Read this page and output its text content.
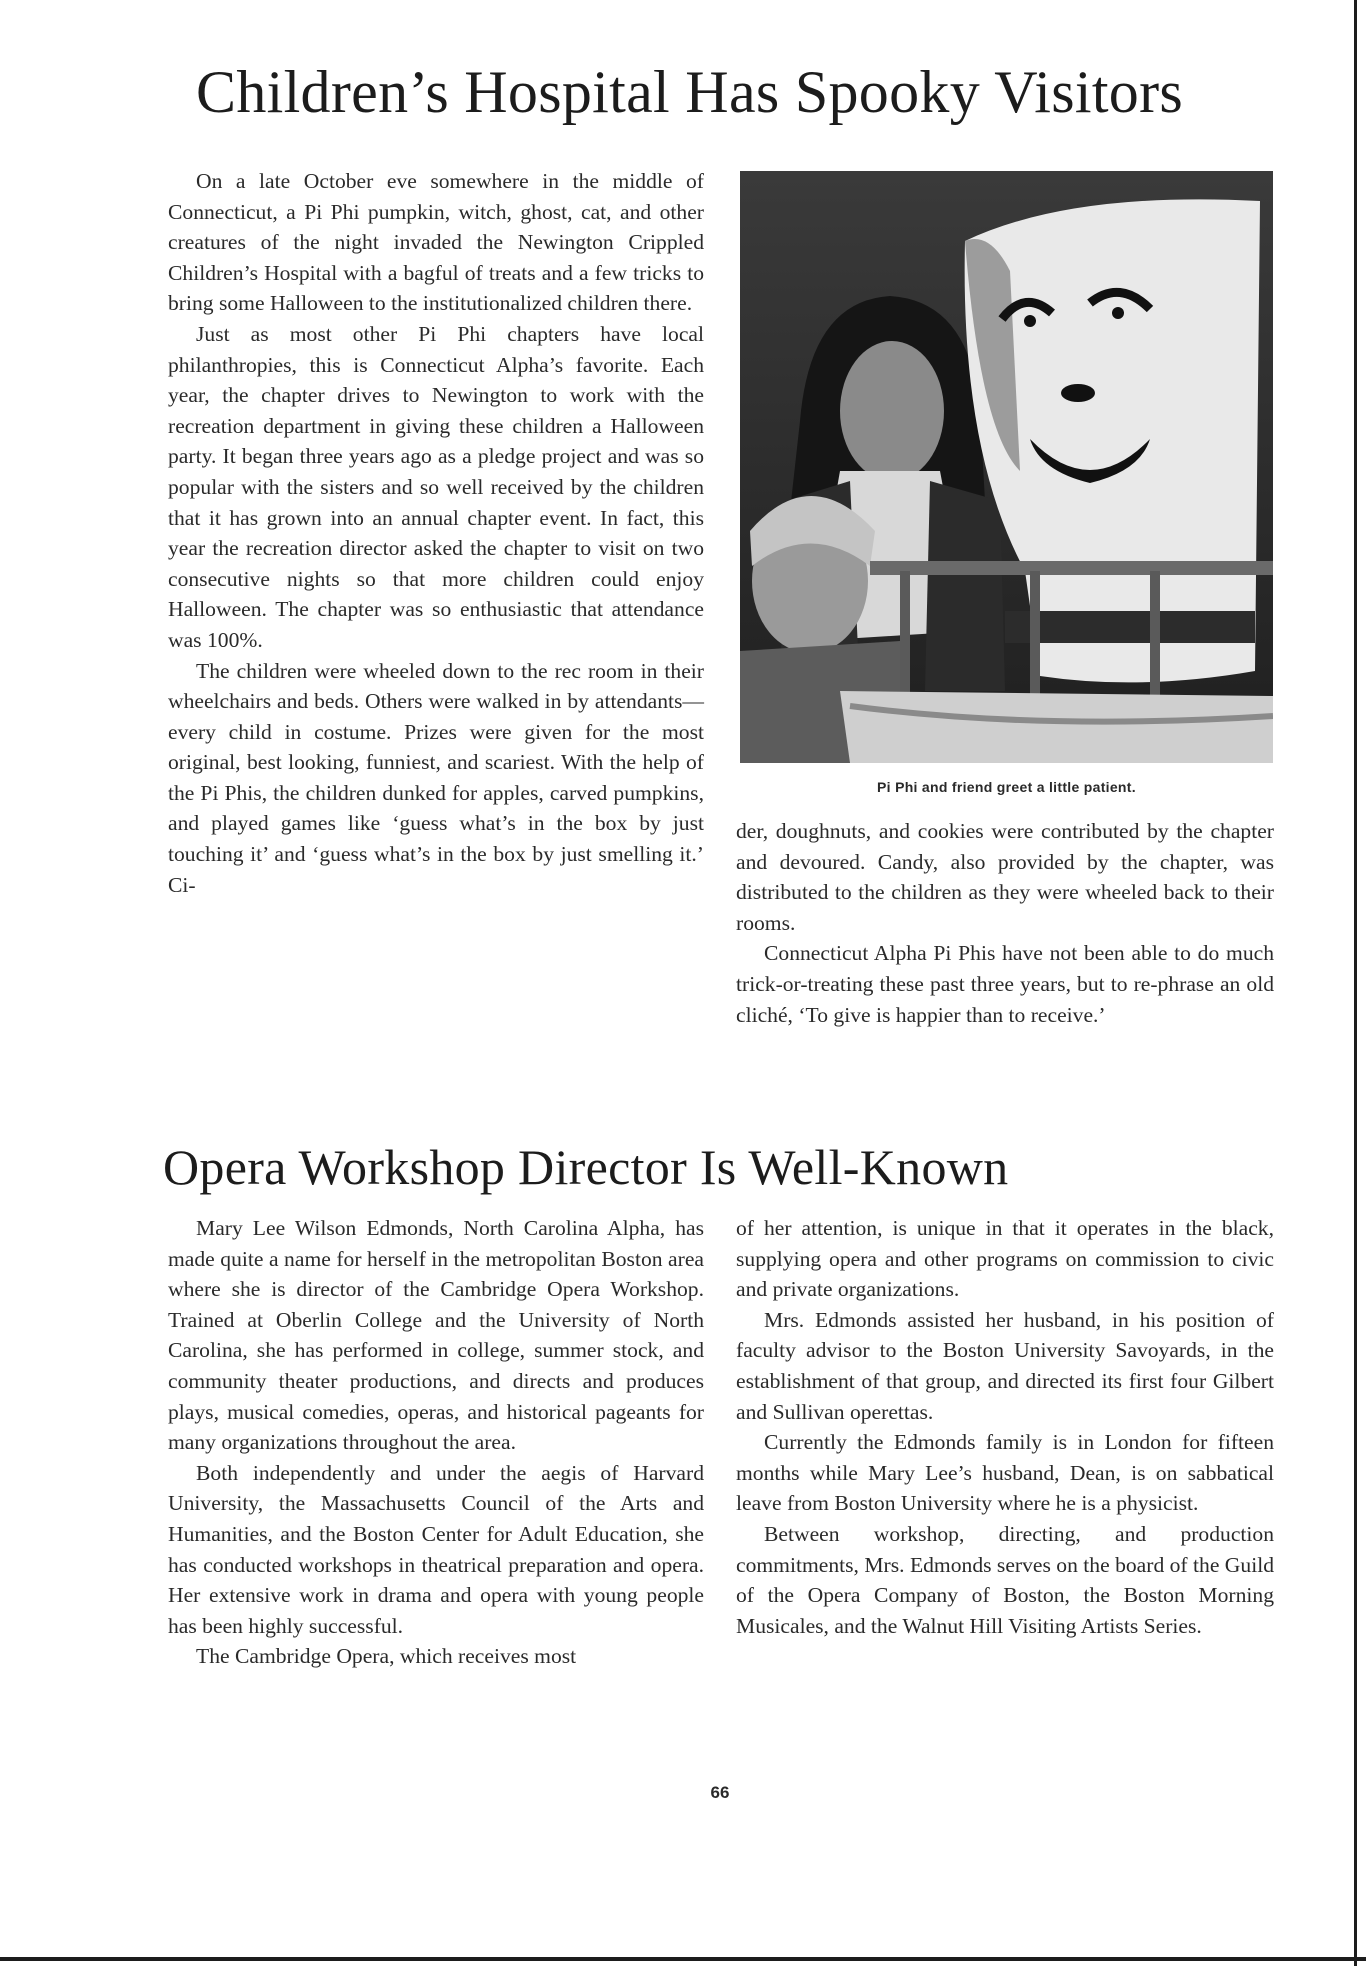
Children’s Hospital Has Spooky Visitors

On a late October eve somewhere in the middle of Connecticut, a Pi Phi pumpkin, witch, ghost, cat, and other creatures of the night invaded the Newington Crippled Children’s Hospital with a bagful of treats and a few tricks to bring some Halloween to the institutionalized children there.

Just as most other Pi Phi chapters have local philanthropies, this is Connecticut Alpha’s favorite. Each year, the chapter drives to Newington to work with the recreation department in giving these children a Halloween party. It began three years ago as a pledge project and was so popular with the sisters and so well received by the children that it has grown into an annual chapter event. In fact, this year the recreation director asked the chapter to visit on two consecutive nights so that more children could enjoy Halloween. The chapter was so enthusiastic that attendance was 100%.

The children were wheeled down to the rec room in their wheelchairs and beds. Others were walked in by attendants—every child in costume. Prizes were given for the most original, best looking, funniest, and scariest. With the help of the Pi Phis, the children dunked for apples, carved pumpkins, and played games like ‘guess what’s in the box by just touching it’ and ‘guess what’s in the box by just smelling it.’ Ci-

Pi Phi and friend greet a little patient.

der, doughnuts, and cookies were contributed by the chapter and devoured. Candy, also provided by the chapter, was distributed to the children as they were wheeled back to their rooms.

Connecticut Alpha Pi Phis have not been able to do much trick-or-treating these past three years, but to re-phrase an old cliché, ‘To give is happier than to receive.’

Opera Workshop Director Is Well-Known

Mary Lee Wilson Edmonds, North Carolina Alpha, has made quite a name for herself in the metropolitan Boston area where she is director of the Cambridge Opera Workshop. Trained at Oberlin College and the University of North Carolina, she has performed in college, summer stock, and community theater productions, and directs and produces plays, musical comedies, operas, and historical pageants for many organizations throughout the area.

Both independently and under the aegis of Harvard University, the Massachusetts Council of the Arts and Humanities, and the Boston Center for Adult Education, she has conducted workshops in theatrical preparation and opera. Her extensive work in drama and opera with young people has been highly successful.

The Cambridge Opera, which receives most

of her attention, is unique in that it operates in the black, supplying opera and other programs on commission to civic and private organizations.

Mrs. Edmonds assisted her husband, in his position of faculty advisor to the Boston University Savoyards, in the establishment of that group, and directed its first four Gilbert and Sullivan operettas.

Currently the Edmonds family is in London for fifteen months while Mary Lee’s husband, Dean, is on sabbatical leave from Boston University where he is a physicist.

Between workshop, directing, and production commitments, Mrs. Edmonds serves on the board of the Guild of the Opera Company of Boston, the Boston Morning Musicales, and the Walnut Hill Visiting Artists Series.

66
